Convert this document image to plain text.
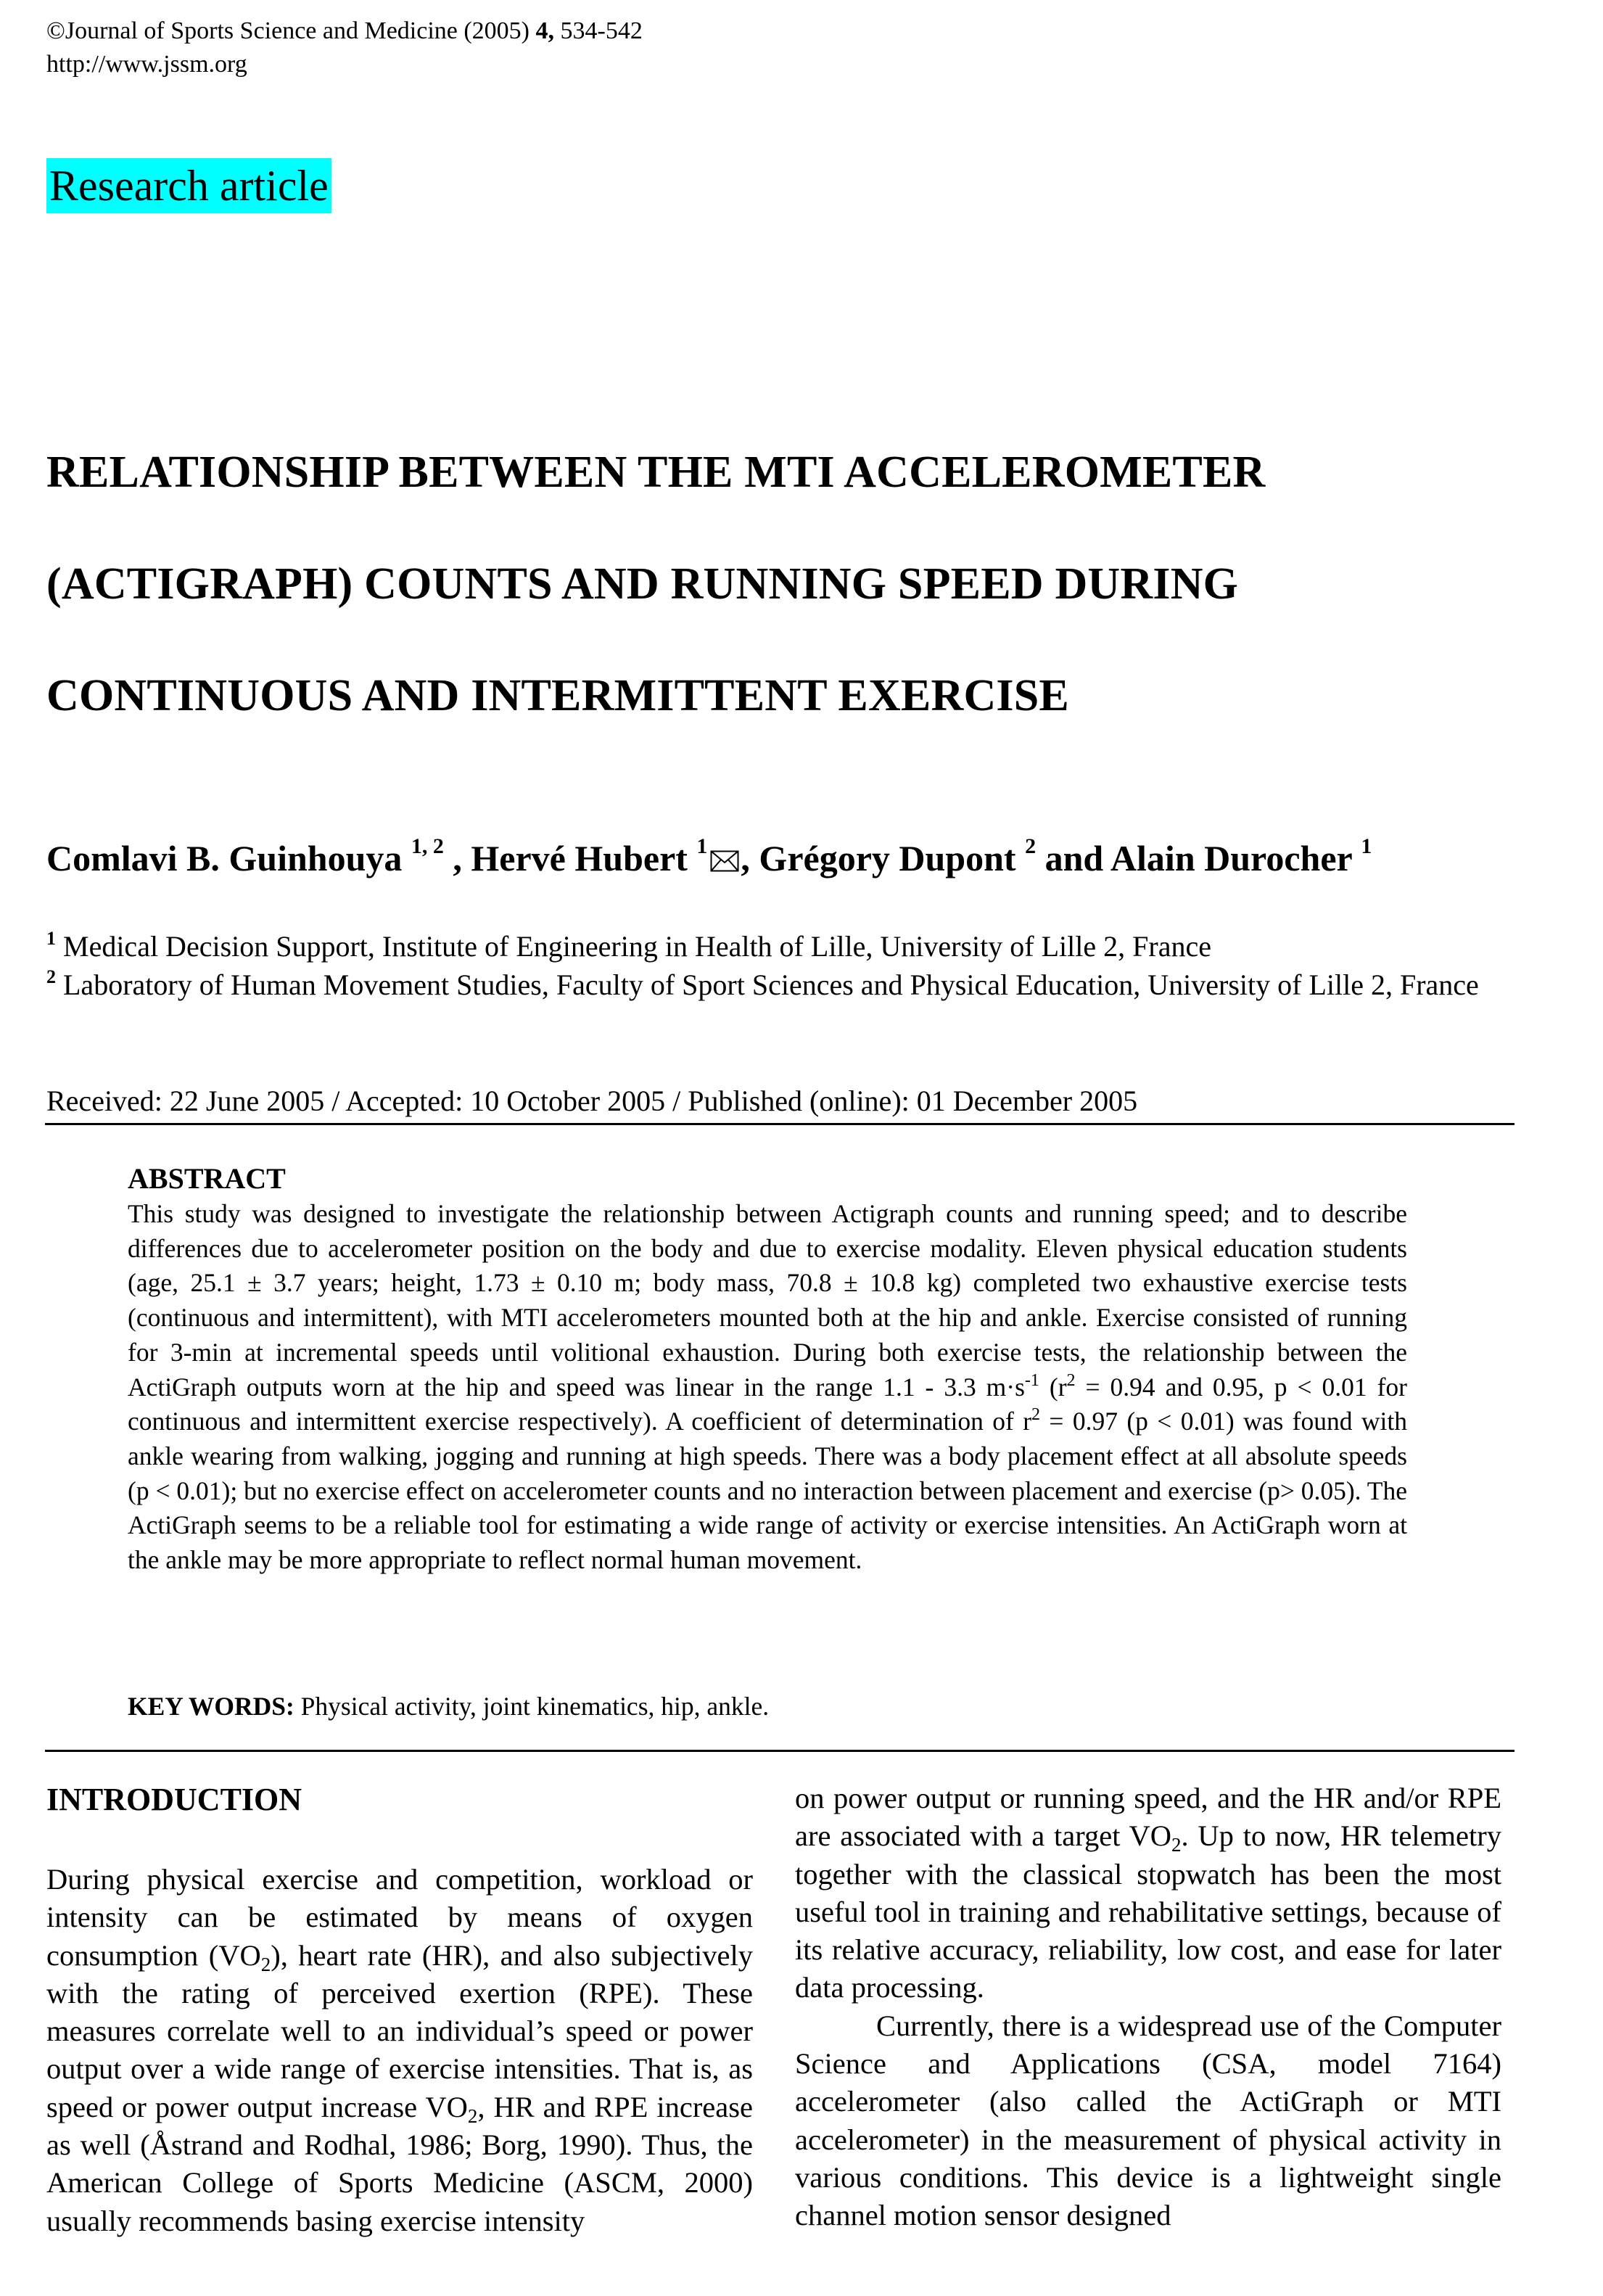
©Journal of Sports Science and Medicine (2005) 4, 534-542
http://www.jssm.org
Research article
RELATIONSHIP BETWEEN THE MTI ACCELEROMETER
(ACTIGRAPH) COUNTS AND RUNNING SPEED DURING
CONTINUOUS AND INTERMITTENT EXERCISE
Comlavi B. Guinhouya $^{1, 2}$ , Hervé Hubert $^1$ , Grégory Dupont $^2$ and Alain Durocher $^1$
$^1$ Medical Decision Support, Institute of Engineering in Health of Lille, University of Lille 2, France
$^2$ Laboratory of Human Movement Studies, Faculty of Sport Sciences and Physical Education, University of Lille 2, France
Received: 22 June 2005 / Accepted: 10 October 2005 / Published (online): 01 December 2005
ABSTRACT

This study was designed to investigate the relationship between Actigraph counts and running speed; and to describe differences due to accelerometer position on the body and due to exercise modality. Eleven physical education students (age, 25.1 ± 3.7 years; height, 1.73 ± 0.10 m; body mass, 70.8 ± 10.8 kg) completed two exhaustive exercise tests (continuous and intermittent), with MTI accelerometers mounted both at the hip and ankle. Exercise consisted of running for 3-min at incremental speeds until volitional exhaustion. During both exercise tests, the relationship between the ActiGraph outputs worn at the hip and speed was linear in the range 1.1 - 3.3 $m\cdot s^{-1}$ ($r^2 = 0.94$ and 0.95, p < 0.01 for continuous and intermittent exercise respectively). A coefficient of determination of $r^2 = 0.97$ (p < 0.01) was found with ankle wearing from walking, jogging and running at high speeds. There was a body placement effect at all absolute speeds (p < 0.01); but no exercise effect on accelerometer counts and no interaction between placement and exercise (p> 0.05). The ActiGraph seems to be a reliable tool for estimating a wide range of activity or exercise intensities. An ActiGraph worn at the ankle may be more appropriate to reflect normal human movement.

KEY WORDS: Physical activity, joint kinematics, hip, ankle.
INTRODUCTION

During physical exercise and competition, workload or intensity can be estimated by means of oxygen consumption $(VO_2)$, heart rate (HR), and also subjectively with the rating of perceived exertion (RPE). These measures correlate well to an individual’s speed or power output over a wide range of exercise intensities. That is, as speed or power output increase $VO_2$, HR and RPE increase as well (Åstrand and Rodhal, 1986; Borg, 1990). Thus, the American College of Sports Medicine (ASCM, 2000) usually recommends basing exercise intensity

on power output or running speed, and the HR and/or RPE are associated with a target $VO_2$. Up to now, HR telemetry together with the classical stopwatch has been the most useful tool in training and rehabilitative settings, because of its relative accuracy, reliability, low cost, and ease for later data processing.

Currently, there is a widespread use of the Computer Science and Applications (CSA, model 7164) accelerometer (also called the ActiGraph or MTI accelerometer) in the measurement of physical activity in various conditions. This device is a lightweight single channel motion sensor designed
